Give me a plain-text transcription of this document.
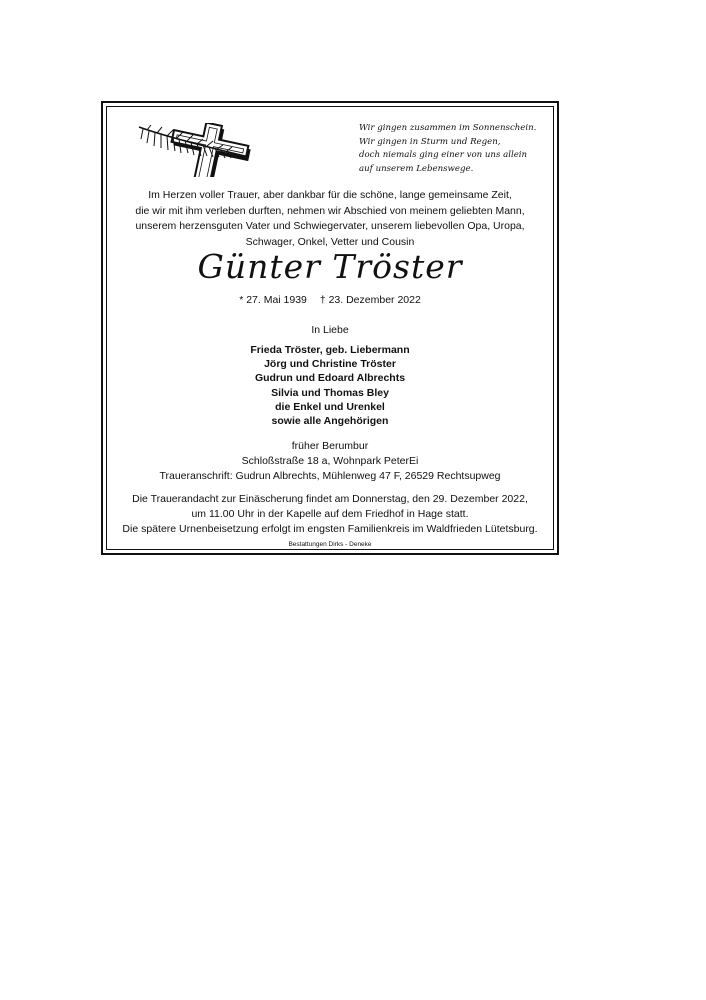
Wir gingen zusammen im Sonnenschein.
Wir gingen in Sturm und Regen,
doch niemals ging einer von uns allein
auf unserem Lebenswege.
Im Herzen voller Trauer, aber dankbar für die schöne, lange gemeinsame Zeit,
die wir mit ihm verleben durften, nehmen wir Abschied von meinem geliebten Mann,
unserem herzensguten Vater und Schwiegervater, unserem liebevollen Opa, Uropa,
Schwager, Onkel, Vetter und Cousin
Günter Tröster
* 27. Mai 1939 † 23. Dezember 2022
In Liebe
Frieda Tröster, geb. Liebermann
Jörg und Christine Tröster
Gudrun und Edoard Albrechts
Silvia und Thomas Bley
die Enkel und Urenkel
sowie alle Angehörigen
früher Berumbur
Schloßstraße 18 a, Wohnpark PeterEi
Traueranschrift: Gudrun Albrechts, Mühlenweg 47 F, 26529 Rechtsupweg
Die Trauerandacht zur Einäscherung findet am Donnerstag, den 29. Dezember 2022,
um 11.00 Uhr in der Kapelle auf dem Friedhof in Hage statt.
Die spätere Urnenbeisetzung erfolgt im engsten Familienkreis im Waldfrieden Lütetsburg.
Bestattungen Dirks - Deneke
